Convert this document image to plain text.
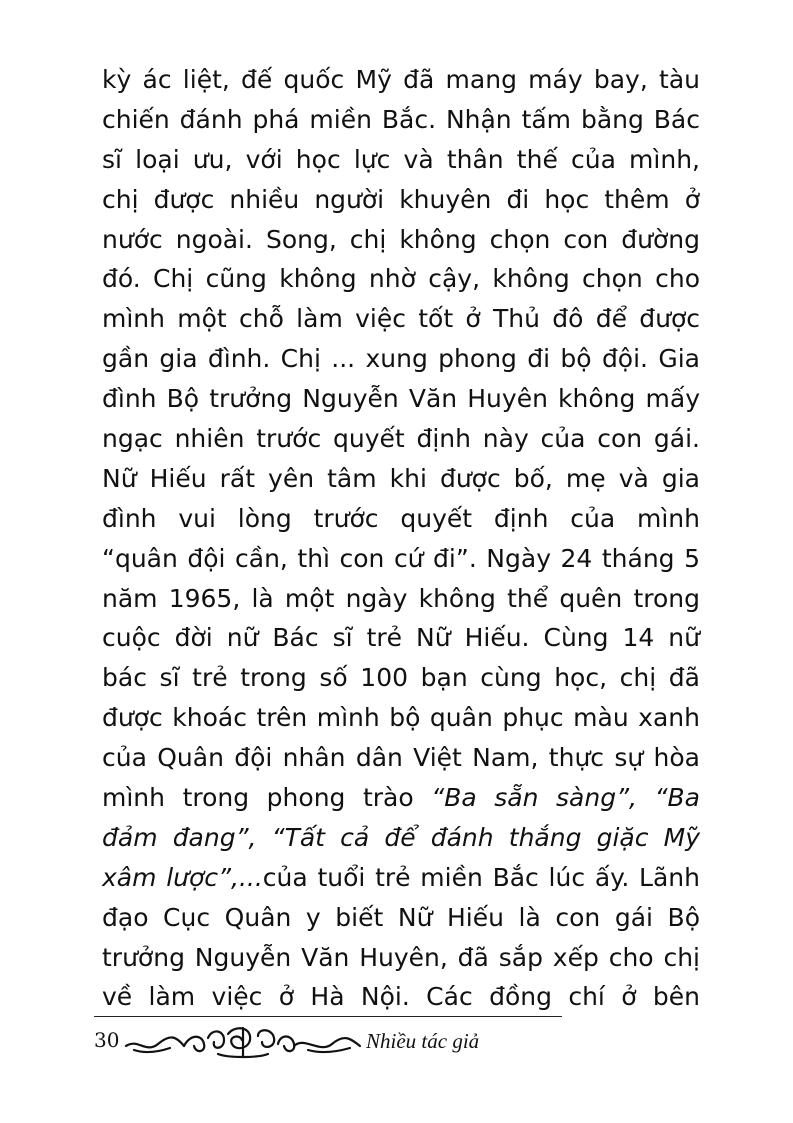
kỳ ác liệt, đế quốc Mỹ đã mang máy bay, tàu
chiến đánh phá miền Bắc. Nhận tấm bằng Bác
sĩ loại ưu, với học lực và thân thế của mình,
chị được nhiều người khuyên đi học thêm ở
nước ngoài. Song, chị không chọn con đường
đó. Chị cũng không nhờ cậy, không chọn cho
mình một chỗ làm việc tốt ở Thủ đô để được
gần gia đình. Chị ... xung phong đi bộ đội. Gia
đình Bộ trưởng Nguyễn Văn Huyên không mấy
ngạc nhiên trước quyết định này của con gái.
Nữ Hiếu rất yên tâm khi được bố, mẹ và gia
đình vui lòng trước quyết định của mình
“quân đội cần, thì con cứ đi”. Ngày 24 tháng 5
năm 1965, là một ngày không thể quên trong
cuộc đời nữ Bác sĩ trẻ Nữ Hiếu. Cùng 14 nữ
bác sĩ trẻ trong số 100 bạn cùng học, chị đã
được khoác trên mình bộ quân phục màu xanh
của Quân đội nhân dân Việt Nam, thực sự hòa
mình trong phong trào “Ba sẵn sàng”, “Ba
đảm đang”, “Tất cả để đánh thắng giặc Mỹ
xâm lược”,...của tuổi trẻ miền Bắc lúc ấy. Lãnh
đạo Cục Quân y biết Nữ Hiếu là con gái Bộ
trưởng Nguyễn Văn Huyên, đã sắp xếp cho chị
về làm việc ở Hà Nội. Các đồng chí ở bên
30	Nhiều tác giả
